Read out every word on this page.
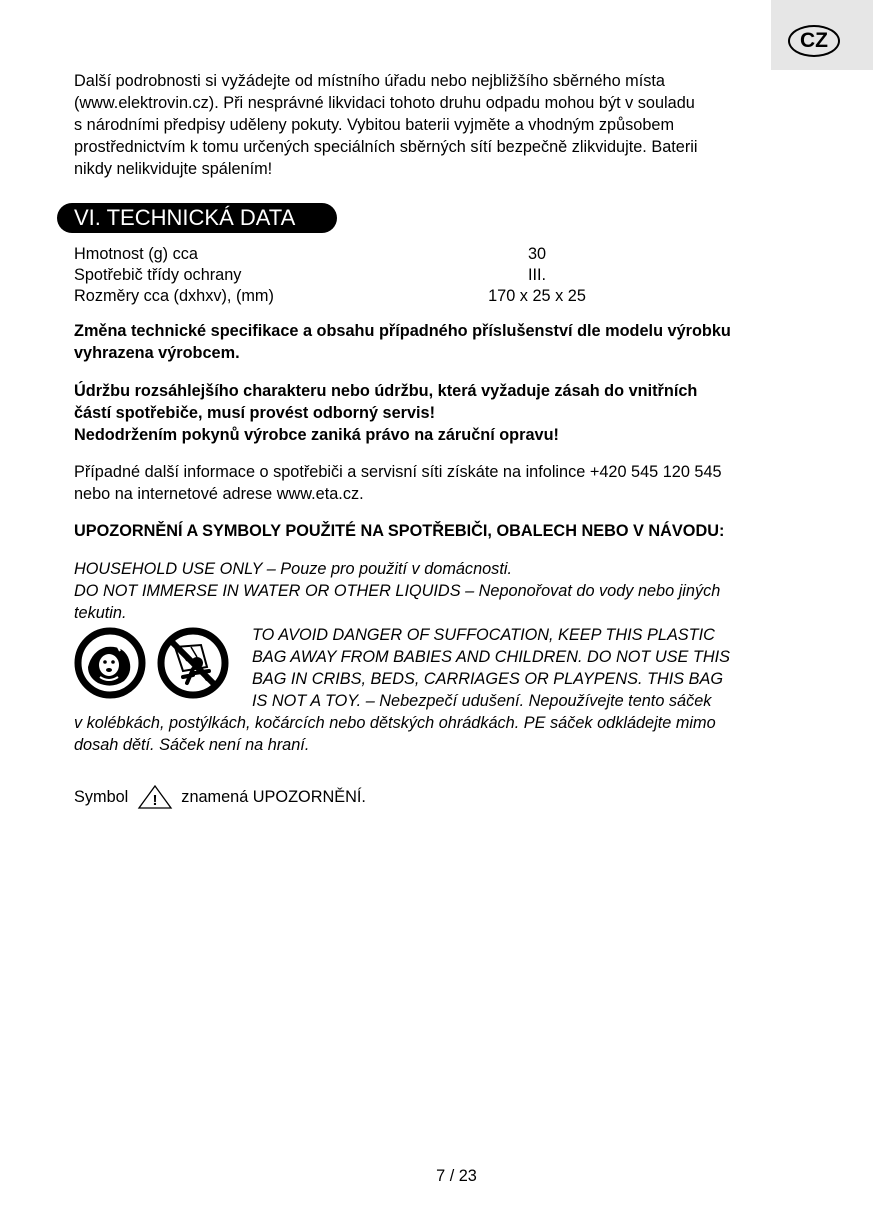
CZ
Další podrobnosti si vyžádejte od místního úřadu nebo nejbližšího sběrného místa
(www.elektrovin.cz). Při nesprávné likvidaci tohoto druhu odpadu mohou být v souladu
s národními předpisy uděleny pokuty. Vybitou baterii vyjměte a vhodným způsobem
prostřednictvím k tomu určených speciálních sběrných sítí bezpečně zlikvidujte. Baterii
nikdy nelikvidujte spálením!
VI. TECHNICKÁ DATA
Hmotnost (g) cca	30
Spotřebič třídy ochrany	III.
Rozměry cca (dxhxv), (mm)	170 x 25 x 25
Změna technické specifikace a obsahu případného příslušenství dle modelu výrobku
vyhrazena výrobcem.
Údržbu rozsáhlejšího charakteru nebo údržbu, která vyžaduje zásah do vnitřních
částí spotřebiče, musí provést odborný servis!
Nedodržením pokynů výrobce zaniká právo na záruční opravu!
Případné další informace o spotřebiči a servisní síti získáte na infolince +420 545 120 545
nebo na internetové adrese www.eta.cz.
UPOZORNĚNÍ A SYMBOLY POUŽITÉ NA SPOTŘEBIČI, OBALECH NEBO V NÁVODU:
HOUSEHOLD USE ONLY – Pouze pro použití v domácnosti.
DO NOT IMMERSE IN WATER OR OTHER LIQUIDS – Neponořovat do vody nebo jiných
tekutin.
TO AVOID DANGER OF SUFFOCATION, KEEP THIS PLASTIC
BAG AWAY FROM BABIES AND CHILDREN. DO NOT USE THIS
BAG IN CRIBS, BEDS, CARRIAGES OR PLAYPENS. THIS BAG
IS NOT A TOY. – Nebezpečí udušení. Nepoužívejte tento sáček
v kolébkách, postýlkách, kočárcích nebo dětských ohrádkách. PE sáček odkládejte mimo
dosah dětí. Sáček není na hraní.
Symbol ! znamená UPOZORNĚNÍ.
7 / 23
